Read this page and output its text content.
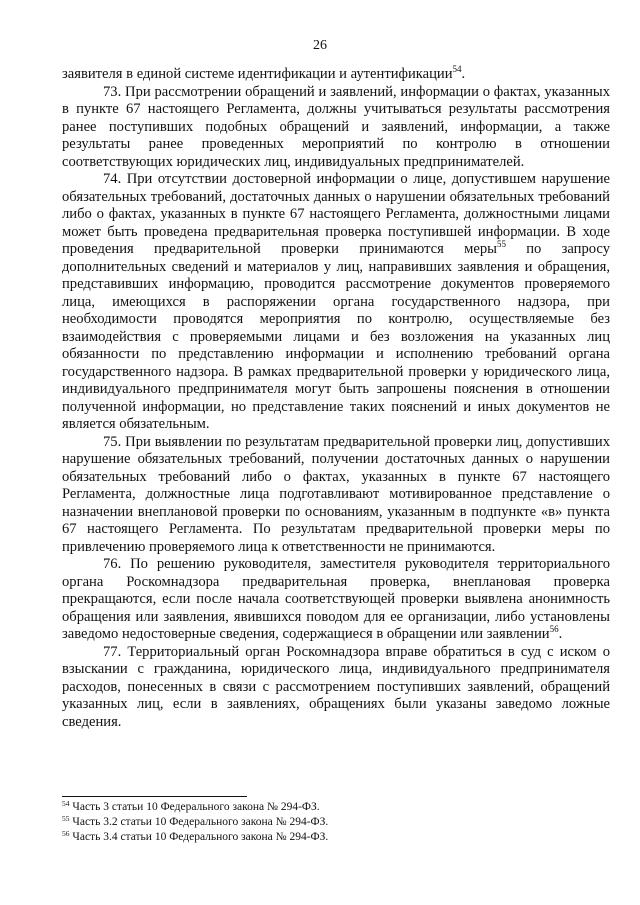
26

заявителя в единой системе идентификации и аутентификации$^{54}$.

73. При рассмотрении обращений и заявлений, информации о фактах, указанных в пункте 67 настоящего Регламента, должны учитываться результаты рассмотрения ранее поступивших подобных обращений и заявлений, информации, а также результаты ранее проведенных мероприятий по контролю в отношении соответствующих юридических лиц, индивидуальных предпринимателей.

74. При отсутствии достоверной информации о лице, допустившем нарушение обязательных требований, достаточных данных о нарушении обязательных требований либо о фактах, указанных в пункте 67 настоящего Регламента, должностными лицами может быть проведена предварительная проверка поступившей информации. В ходе проведения предварительной проверки принимаются меры$^{55}$ по запросу дополнительных сведений и материалов у лиц, направивших заявления и обращения, представивших информацию, проводится рассмотрение документов проверяемого лица, имеющихся в распоряжении органа государственного надзора, при необходимости проводятся мероприятия по контролю, осуществляемые без взаимодействия с проверяемыми лицами и без возложения на указанных лиц обязанности по представлению информации и исполнению требований органа государственного надзора. В рамках предварительной проверки у юридического лица, индивидуального предпринимателя могут быть запрошены пояснения в отношении полученной информации, но представление таких пояснений и иных документов не является обязательным.

75. При выявлении по результатам предварительной проверки лиц, допустивших нарушение обязательных требований, получении достаточных данных о нарушении обязательных требований либо о фактах, указанных в пункте 67 настоящего Регламента, должностные лица подготавливают мотивированное представление о назначении внеплановой проверки по основаниям, указанным в подпункте «в» пункта 67 настоящего Регламента. По результатам предварительной проверки меры по привлечению проверяемого лица к ответственности не принимаются.

76. По решению руководителя, заместителя руководителя территориального органа Роскомнадзора предварительная проверка, внеплановая проверка прекращаются, если после начала соответствующей проверки выявлена анонимность обращения или заявления, явившихся поводом для ее организации, либо установлены заведомо недостоверные сведения, содержащиеся в обращении или заявлении$^{56}$.

77. Территориальный орган Роскомнадзора вправе обратиться в суд с иском о взыскании с гражданина, юридического лица, индивидуального предпринимателя расходов, понесенных в связи с рассмотрением поступивших заявлений, обращений указанных лиц, если в заявлениях, обращениях были указаны заведомо ложные сведения.

$^{54}$ Часть 3 статьи 10 Федерального закона № 294-ФЗ.

$^{55}$ Часть 3.2 статьи 10 Федерального закона № 294-ФЗ.

$^{56}$ Часть 3.4 статьи 10 Федерального закона № 294-ФЗ.
